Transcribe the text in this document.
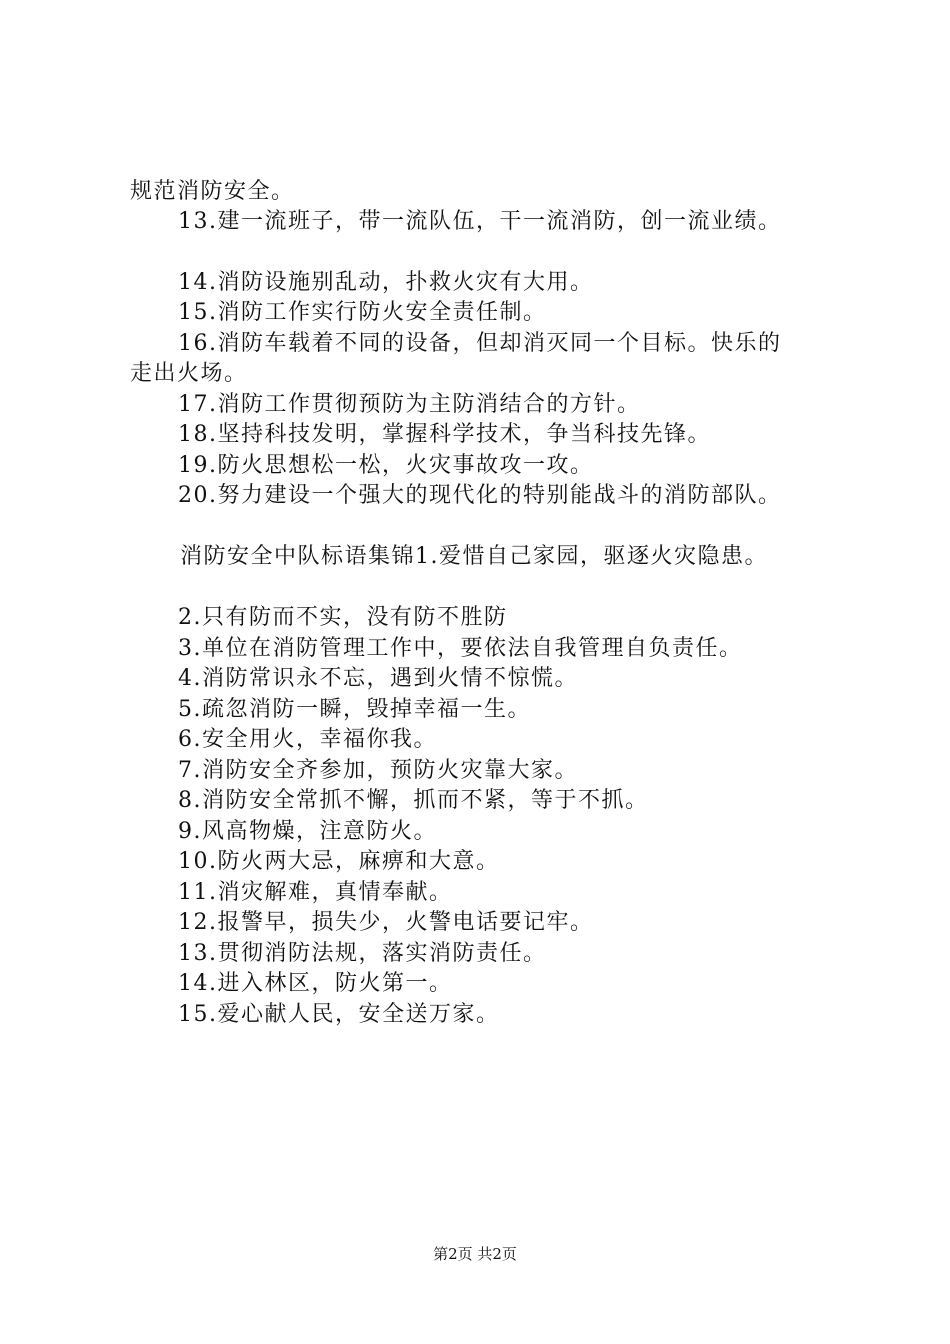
规范消防安全。
13.建一流班子，带一流队伍，干一流消防，创一流业绩。
14.消防设施别乱动，扑救火灾有大用。
15.消防工作实行防火安全责任制。
16.消防车载着不同的设备，但却消灭同一个目标。快乐的
走出火场。
17.消防工作贯彻预防为主防消结合的方针。
18.坚持科技发明，掌握科学技术，争当科技先锋。
19.防火思想松一松，火灾事故攻一攻。
20.努力建设一个强大的现代化的特别能战斗的消防部队。
消防安全中队标语集锦1.爱惜自己家园，驱逐火灾隐患。
2.只有防而不实，没有防不胜防
3.单位在消防管理工作中，要依法自我管理自负责任。
4.消防常识永不忘，遇到火情不惊慌。
5.疏忽消防一瞬，毁掉幸福一生。
6.安全用火，幸福你我。
7.消防安全齐参加，预防火灾靠大家。
8.消防安全常抓不懈，抓而不紧，等于不抓。
9.风高物燥，注意防火。
10.防火两大忌，麻痹和大意。
11.消灾解难，真情奉献。
12.报警早，损失少，火警电话要记牢。
13.贯彻消防法规，落实消防责任。
14.进入林区，防火第一。
15.爱心献人民，安全送万家。
第2页 共2页
